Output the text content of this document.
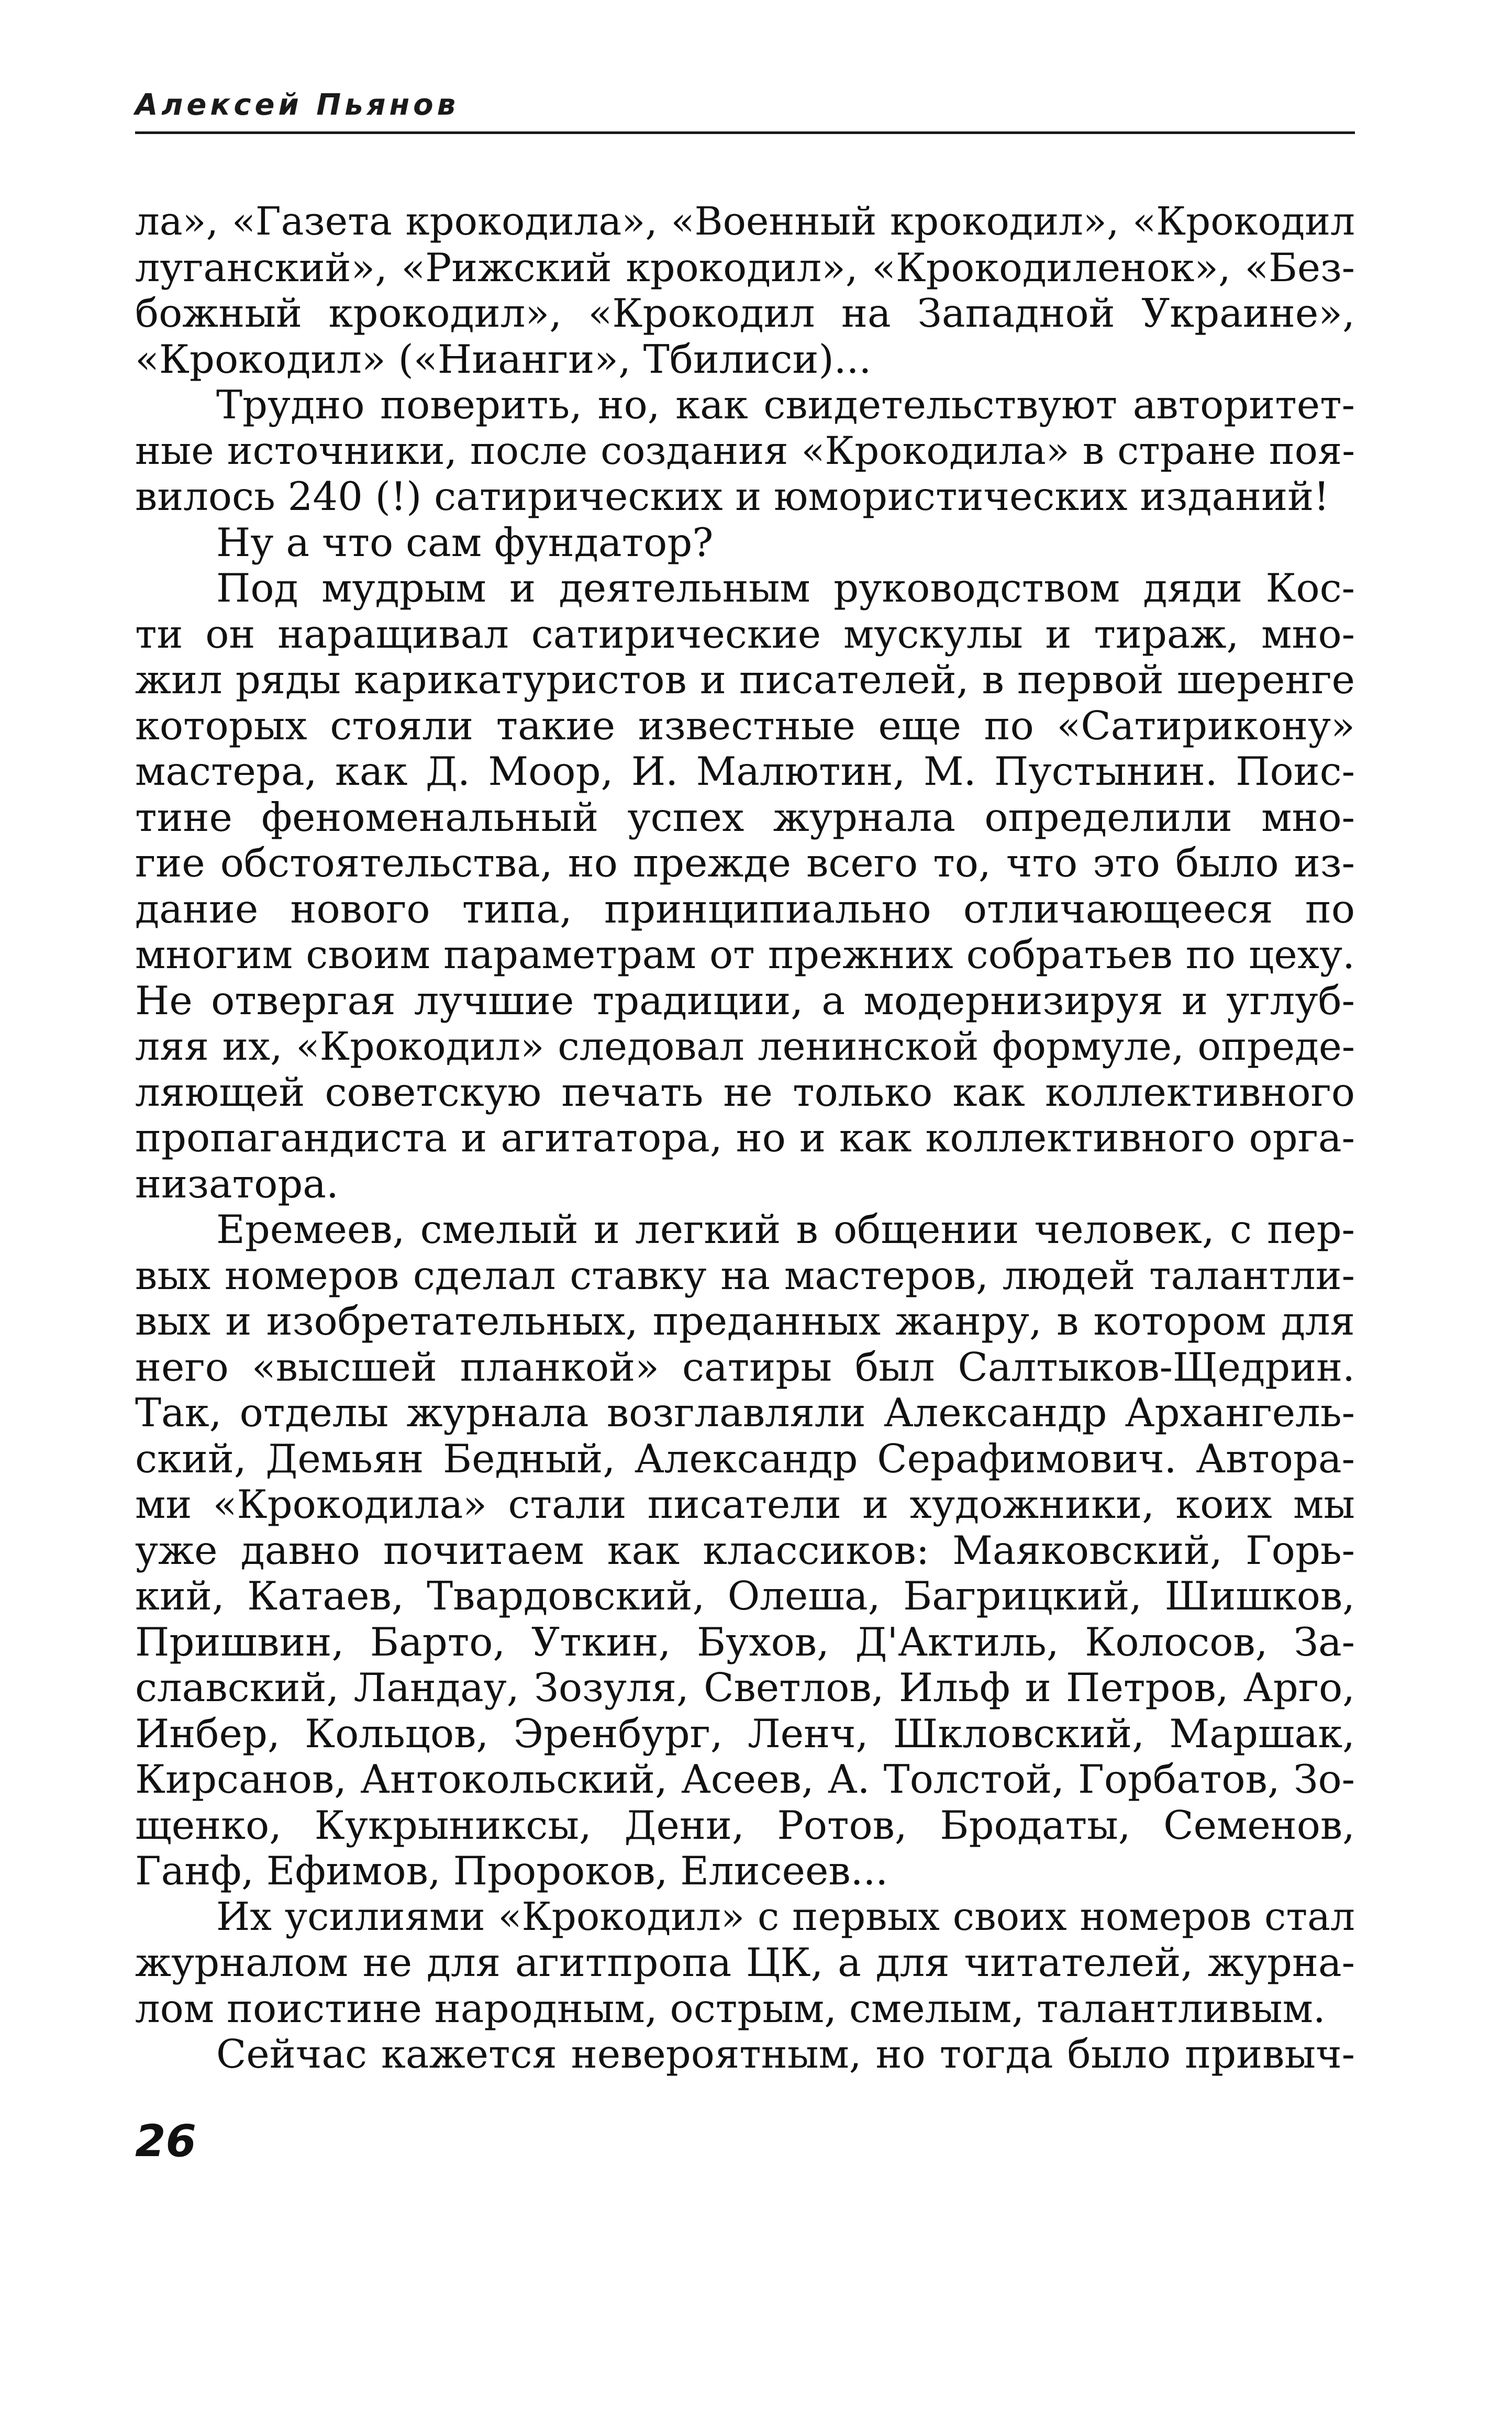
Алексей Пьянов
ла», «Газета крокодила», «Военный крокодил», «Крокодил
луганский», «Рижский крокодил», «Крокодиленок», «Без-
божный крокодил», «Крокодил на Западной Украине»,
«Крокодил» («Нианги», Тбилиси)...
Трудно поверить, но, как свидетельствуют авторитет-
ные источники, после создания «Крокодила» в стране поя-
вилось 240 (!) сатирических и юмористических изданий!
Ну а что сам фундатор?
Под мудрым и деятельным руководством дяди Кос-
ти он наращивал сатирические мускулы и тираж, мно-
жил ряды карикатуристов и писателей, в первой шеренге
которых стояли такие известные еще по «Сатирикону»
мастера, как Д. Моор, И. Малютин, М. Пустынин. Поис-
тине феноменальный успех журнала определили мно-
гие обстоятельства, но прежде всего то, что это было из-
дание нового типа, принципиально отличающееся по
многим своим параметрам от прежних собратьев по цеху.
Не отвергая лучшие традиции, а модернизируя и углуб-
ляя их, «Крокодил» следовал ленинской формуле, опреде-
ляющей советскую печать не только как коллективного
пропагандиста и агитатора, но и как коллективного орга-
низатора.
Еремеев, смелый и легкий в общении человек, с пер-
вых номеров сделал ставку на мастеров, людей талантли-
вых и изобретательных, преданных жанру, в котором для
него «высшей планкой» сатиры был Салтыков-Щедрин.
Так, отделы журнала возглавляли Александр Архангель-
ский, Демьян Бедный, Александр Серафимович. Автора-
ми «Крокодила» стали писатели и художники, коих мы
уже давно почитаем как классиков: Маяковский, Горь-
кий, Катаев, Твардовский, Олеша, Багрицкий, Шишков,
Пришвин, Барто, Уткин, Бухов, Д'Актиль, Колосов, За-
славский, Ландау, Зозуля, Светлов, Ильф и Петров, Арго,
Инбер, Кольцов, Эренбург, Ленч, Шкловский, Маршак,
Кирсанов, Антокольский, Асеев, А. Толстой, Горбатов, Зо-
щенко, Кукрыниксы, Дени, Ротов, Бродаты, Семенов,
Ганф, Ефимов, Пророков, Елисеев...
Их усилиями «Крокодил» с первых своих номеров стал
журналом не для агитпропа ЦК, а для читателей, журна-
лом поистине народным, острым, смелым, талантливым.
Сейчас кажется невероятным, но тогда было привыч-
26
